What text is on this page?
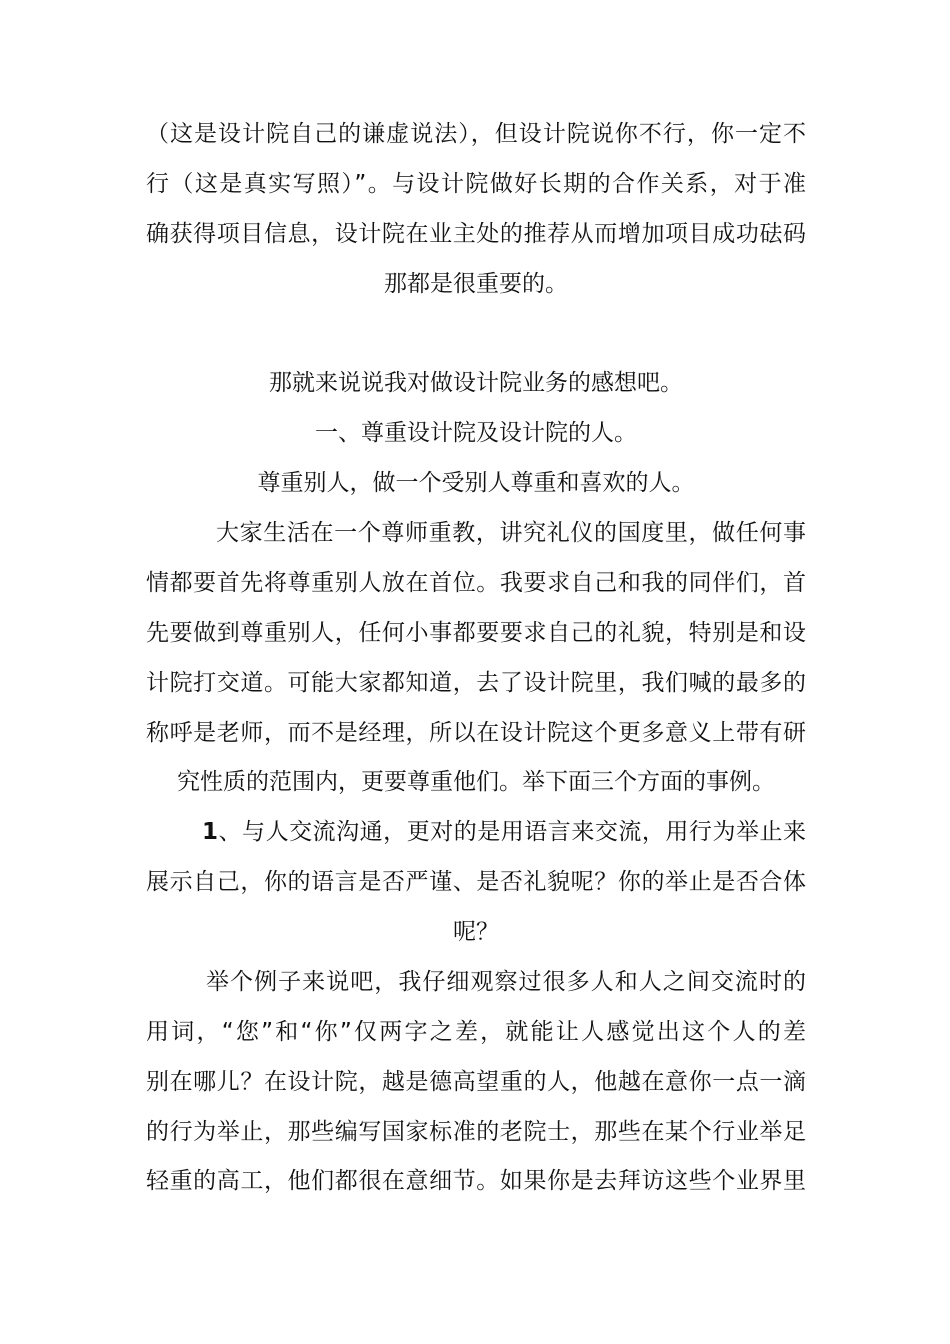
（这是设计院自己的谦虚说法），但设计院说你不行，你一定不
行（这是真实写照）”。与设计院做好长期的合作关系，对于准
确获得项目信息，设计院在业主处的推荐从而增加项目成功砝码
那都是很重要的。
那就来说说我对做设计院业务的感想吧。
一、尊重设计院及设计院的人。
尊重别人，做一个受别人尊重和喜欢的人。
大家生活在一个尊师重教，讲究礼仪的国度里，做任何事
情都要首先将尊重别人放在首位。我要求自己和我的同伴们，首
先要做到尊重别人，任何小事都要要求自己的礼貌，特别是和设
计院打交道。可能大家都知道，去了设计院里，我们喊的最多的
称呼是老师，而不是经理，所以在设计院这个更多意义上带有研
究性质的范围内，更要尊重他们。举下面三个方面的事例。
1、与人交流沟通，更对的是用语言来交流，用行为举止来
展示自己，你的语言是否严谨、是否礼貌呢？你的举止是否合体
呢？
举个例子来说吧，我仔细观察过很多人和人之间交流时的
用词，“您”和“你”仅两字之差，就能让人感觉出这个人的差
别在哪儿？在设计院，越是德高望重的人，他越在意你一点一滴
的行为举止，那些编写国家标准的老院士，那些在某个行业举足
轻重的高工，他们都很在意细节。如果你是去拜访这些个业界里
